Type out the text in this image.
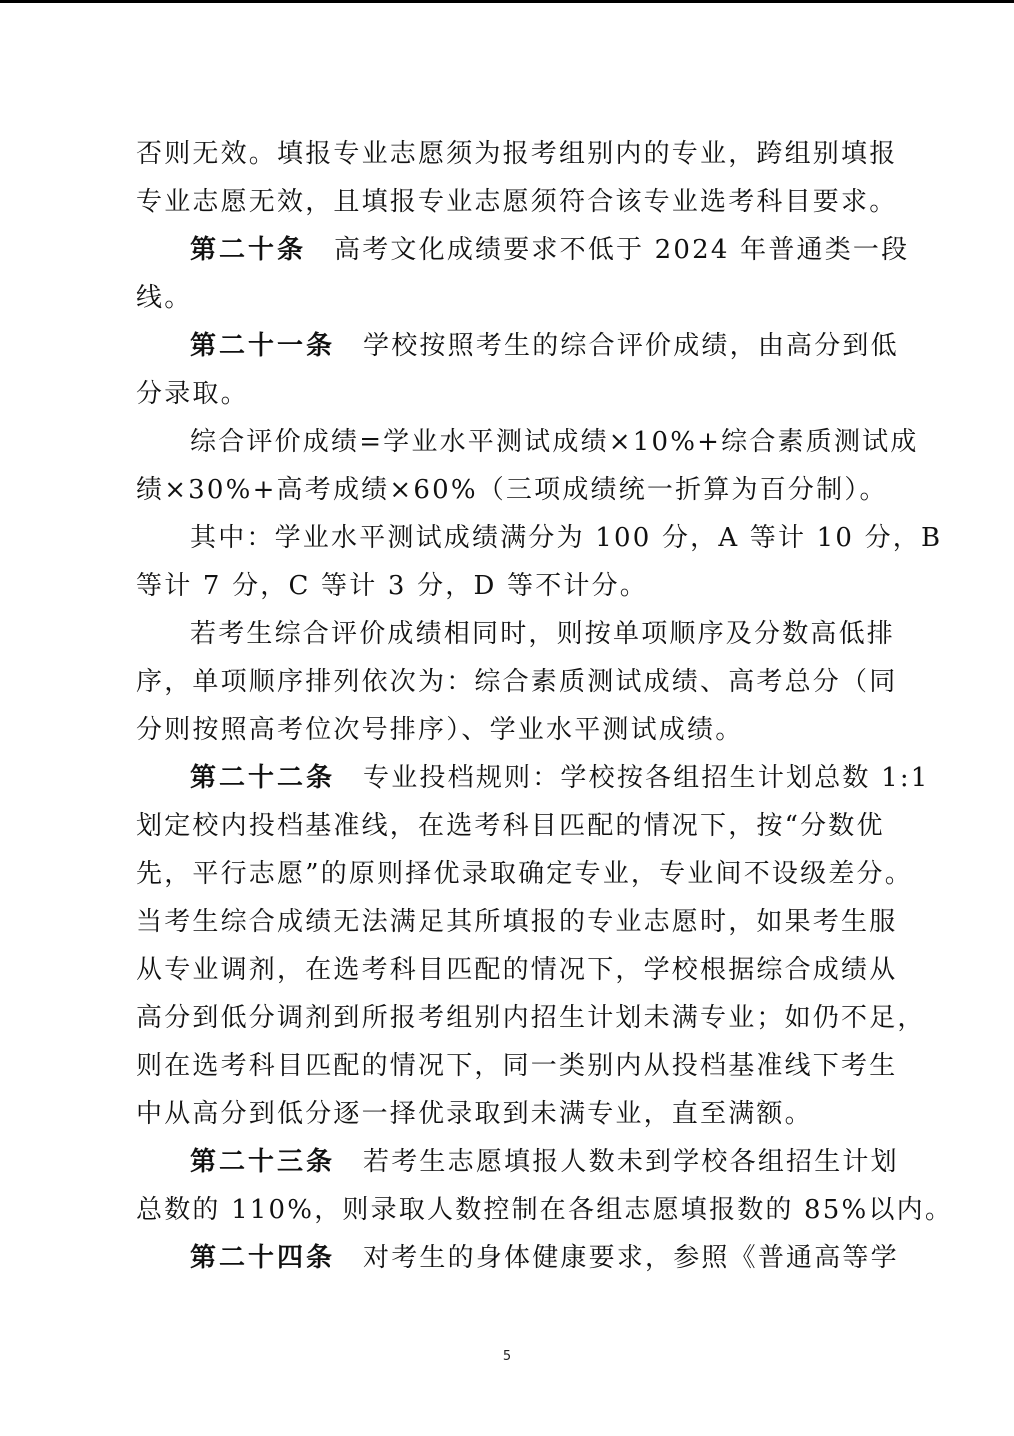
否则无效。填报专业志愿须为报考组别内的专业，跨组别填报
专业志愿无效，且填报专业志愿须符合该专业选考科目要求。
第二十条 高考文化成绩要求不低于 2024 年普通类一段
线。
第二十一条 学校按照考生的综合评价成绩，由高分到低
分录取。
综合评价成绩=学业水平测试成绩×10%+综合素质测试成
绩×30%+高考成绩×60%（三项成绩统一折算为百分制）。
其中：学业水平测试成绩满分为 100 分，A 等计 10 分，B
等计 7 分，C 等计 3 分，D 等不计分。
若考生综合评价成绩相同时，则按单项顺序及分数高低排
序，单项顺序排列依次为：综合素质测试成绩、高考总分（同
分则按照高考位次号排序）、学业水平测试成绩。
第二十二条 专业投档规则：学校按各组招生计划总数 1:1
划定校内投档基准线，在选考科目匹配的情况下，按“分数优
先，平行志愿”的原则择优录取确定专业，专业间不设级差分。
当考生综合成绩无法满足其所填报的专业志愿时，如果考生服
从专业调剂，在选考科目匹配的情况下，学校根据综合成绩从
高分到低分调剂到所报考组别内招生计划未满专业；如仍不足，
则在选考科目匹配的情况下，同一类别内从投档基准线下考生
中从高分到低分逐一择优录取到未满专业，直至满额。
第二十三条 若考生志愿填报人数未到学校各组招生计划
总数的 110%，则录取人数控制在各组志愿填报数的 85%以内。
第二十四条 对考生的身体健康要求，参照《普通高等学
5
